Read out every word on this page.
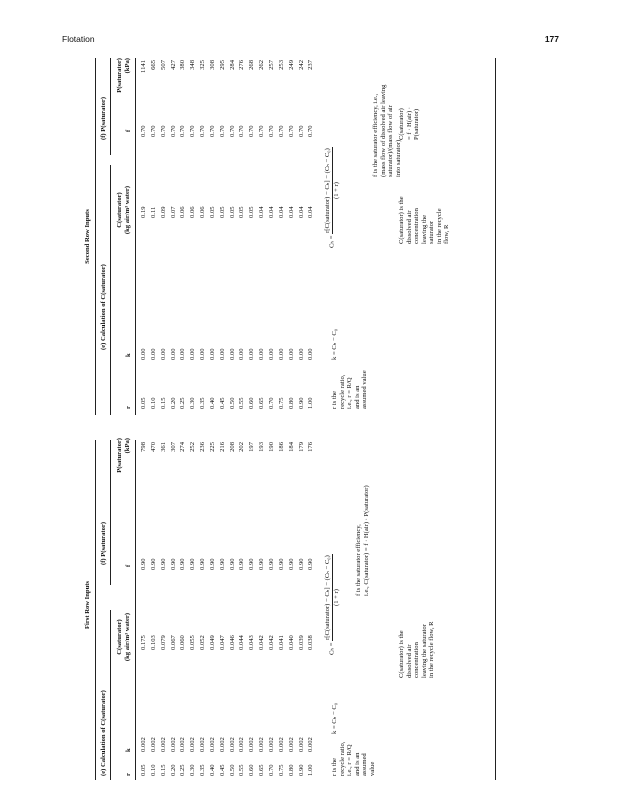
Flotation	177
First Row Inputs
(e) Calculation of C(saturator)
(f) P(saturator)
r
k
C(saturator) (kg air/m³ water)
f
P(saturator) (kPa)
0.05 0.10 0.15 0.20 0.25 0.30 0.35 0.40 0.45 0.50 0.55 0.60 0.65 0.70 0.75 0.80 0.90 1.00
0.002 0.002 0.002 0.002 0.002 0.002 0.002 0.002 0.002 0.002 0.002 0.002 0.002 0.002 0.002 0.002 0.002 0.002
0.175 0.103 0.079 0.067 0.060 0.055 0.052 0.049 0.047 0.046 0.044 0.043 0.042 0.042 0.041 0.040 0.039 0.038
0.90 0.90 0.90 0.90 0.90 0.90 0.90 0.90 0.90 0.90 0.90 0.90 0.90 0.90 0.90 0.90 0.90 0.90
798 470 361 307 274 252 236 225 216 208 202 197 193 190 186 184 179 176
r is the recycle ratio, i.e., r = R/Q and is an assumed value
k = Cₕ − C₀
Cₕ =
r[C(saturator) − Cₕ] − (Cₕ − C₀) (1 + r)
f is the saturator efficiency, i.e., C(saturator) = f · H(air) · P(saturator)
C(saturator) is the dissolved air concentration leaving the saturator in the recycle flow, R
Second Row Inputs
(e) Calculation of C(saturator)
(f) P(saturator)
r
k
C(saturator) (kg air/m³ water)
f
P(saturator) (kPa)
0.05 0.10 0.15 0.20 0.25 0.30 0.35 0.40 0.45 0.50 0.55 0.60 0.65 0.70 0.75 0.80 0.90 1.00
0.00 0.00 0.00 0.00 0.00 0.00 0.00 0.00 0.00 0.00 0.00 0.00 0.00 0.00 0.00 0.00 0.00 0.00
0.19 0.11 0.09 0.07 0.06 0.06 0.06 0.05 0.05 0.05 0.05 0.05 0.04 0.04 0.04 0.04 0.04 0.04
0.70 0.70 0.70 0.70 0.70 0.70 0.70 0.70 0.70 0.70 0.70 0.70 0.70 0.70 0.70 0.70 0.70 0.70
1141 665 507 427 380 348 325 308 295 284 276 268 262 257 253 249 242 237
r is the recycle ratio, i.e., r = R/Q and is an assumed value
k = Cₕ − C₀
Cₕ =
r[C(saturator) − Cₕ] − (Cₕ − C₀) (1 + r)
f is the saturator efficiency, i.e., (mass flow of dissolved air leaving saturator)/(mass flow of air into saturator)
C(saturator) is the dissolved air concentration leaving the saturator in the recycle flow, R
C(saturator) = f · H(air) · P(saturator)
